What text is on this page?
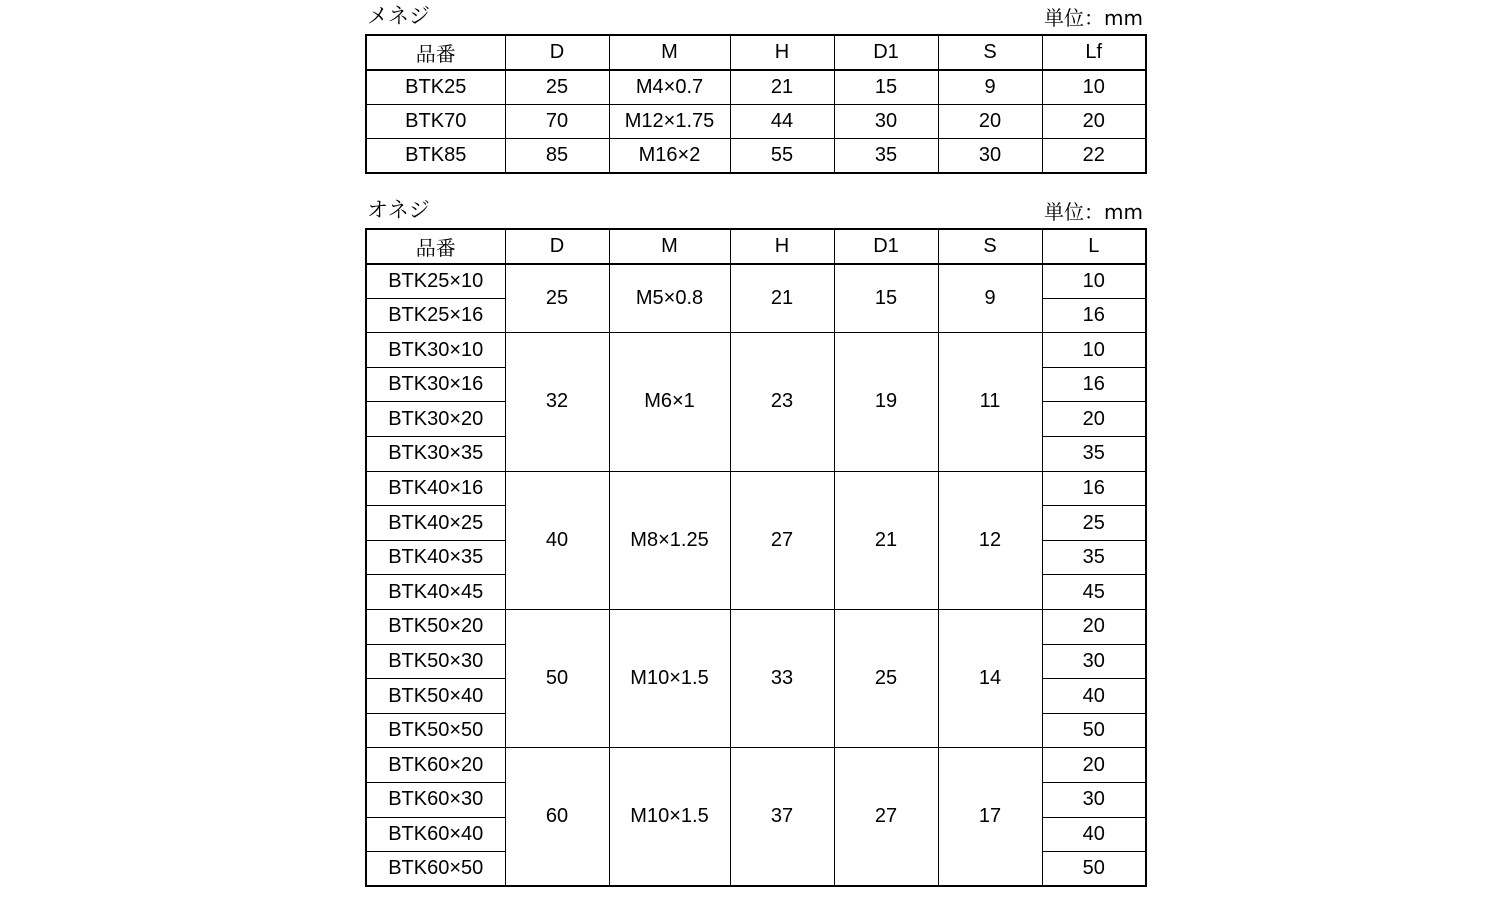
メネジ	単位：mm
品番	D	M	H	D1	S	Lf
BTK25	25	M4×0.7	21	15	9	10
BTK70	70	M12×1.75	44	30	20	20
BTK85	85	M16×2	55	35	30	22
オネジ	単位：mm
品番	D	M	H	D1	S	L
BTK25×10	25	M5×0.8	21	15	9	10
BTK25×16						16
BTK30×10	32	M6×1	23	19	11	10
BTK30×16						16
BTK30×20						20
BTK30×35						35
BTK40×16	40	M8×1.25	27	21	12	16
BTK40×25						25
BTK40×35						35
BTK40×45						45
BTK50×20	50	M10×1.5	33	25	14	20
BTK50×30						30
BTK50×40						40
BTK50×50						50
BTK60×20	60	M10×1.5	37	27	17	20
BTK60×30						30
BTK60×40						40
BTK60×50						50
